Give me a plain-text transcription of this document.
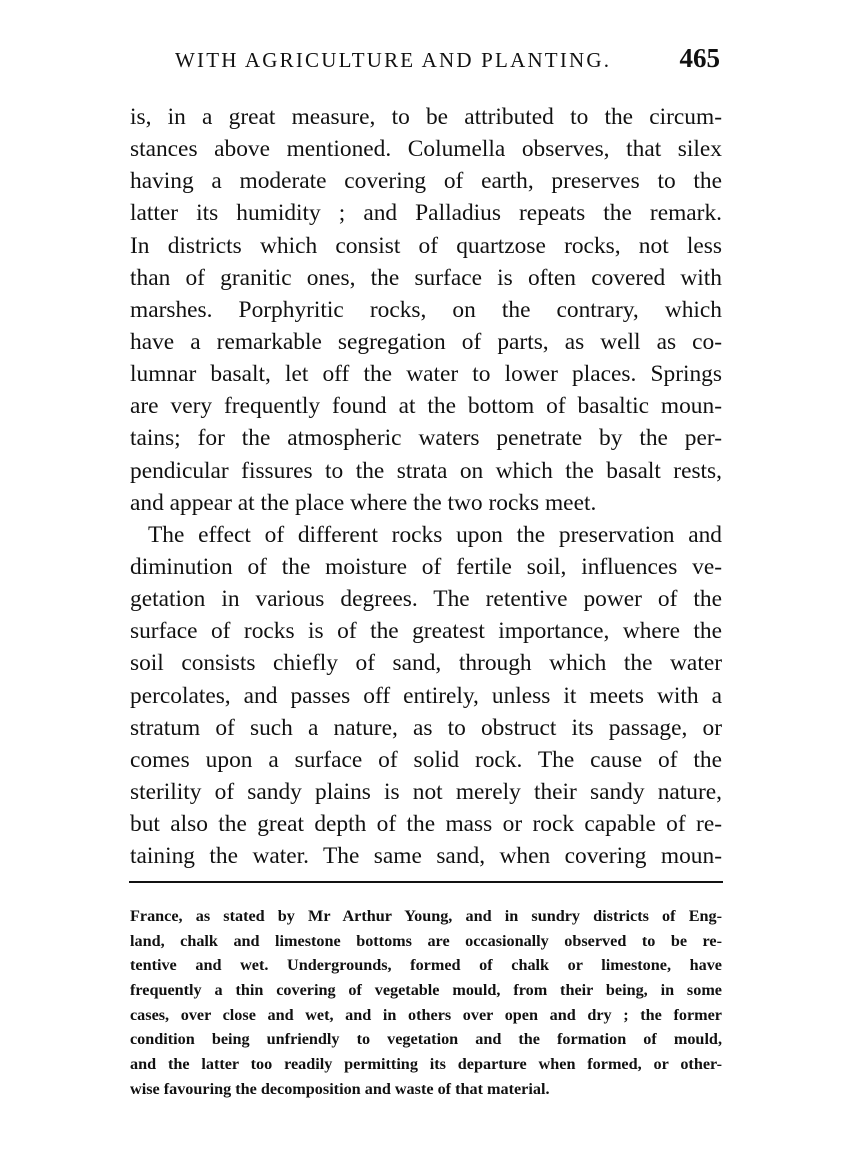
WITH AGRICULTURE AND PLANTING.	465
is, in a great measure, to be attributed to the circum-
stances above mentioned. Columella observes, that silex
having a moderate covering of earth, preserves to the
latter its humidity ; and Palladius repeats the remark.
In districts which consist of quartzose rocks, not less
than of granitic ones, the surface is often covered with
marshes. Porphyritic rocks, on the contrary, which
have a remarkable segregation of parts, as well as co-
lumnar basalt, let off the water to lower places. Springs
are very frequently found at the bottom of basaltic moun-
tains; for the atmospheric waters penetrate by the per-
pendicular fissures to the strata on which the basalt rests,
and appear at the place where the two rocks meet.
The effect of different rocks upon the preservation and
diminution of the moisture of fertile soil, influences ve-
getation in various degrees. The retentive power of the
surface of rocks is of the greatest importance, where the
soil consists chiefly of sand, through which the water
percolates, and passes off entirely, unless it meets with a
stratum of such a nature, as to obstruct its passage, or
comes upon a surface of solid rock. The cause of the
sterility of sandy plains is not merely their sandy nature,
but also the great depth of the mass or rock capable of re-
taining the water. The same sand, when covering moun-
France, as stated by Mr Arthur Young, and in sundry districts of Eng-
land, chalk and limestone bottoms are occasionally observed to be re-
tentive and wet. Undergrounds, formed of chalk or limestone, have
frequently a thin covering of vegetable mould, from their being, in some
cases, over close and wet, and in others over open and dry ; the former
condition being unfriendly to vegetation and the formation of mould,
and the latter too readily permitting its departure when formed, or other-
wise favouring the decomposition and waste of that material.
